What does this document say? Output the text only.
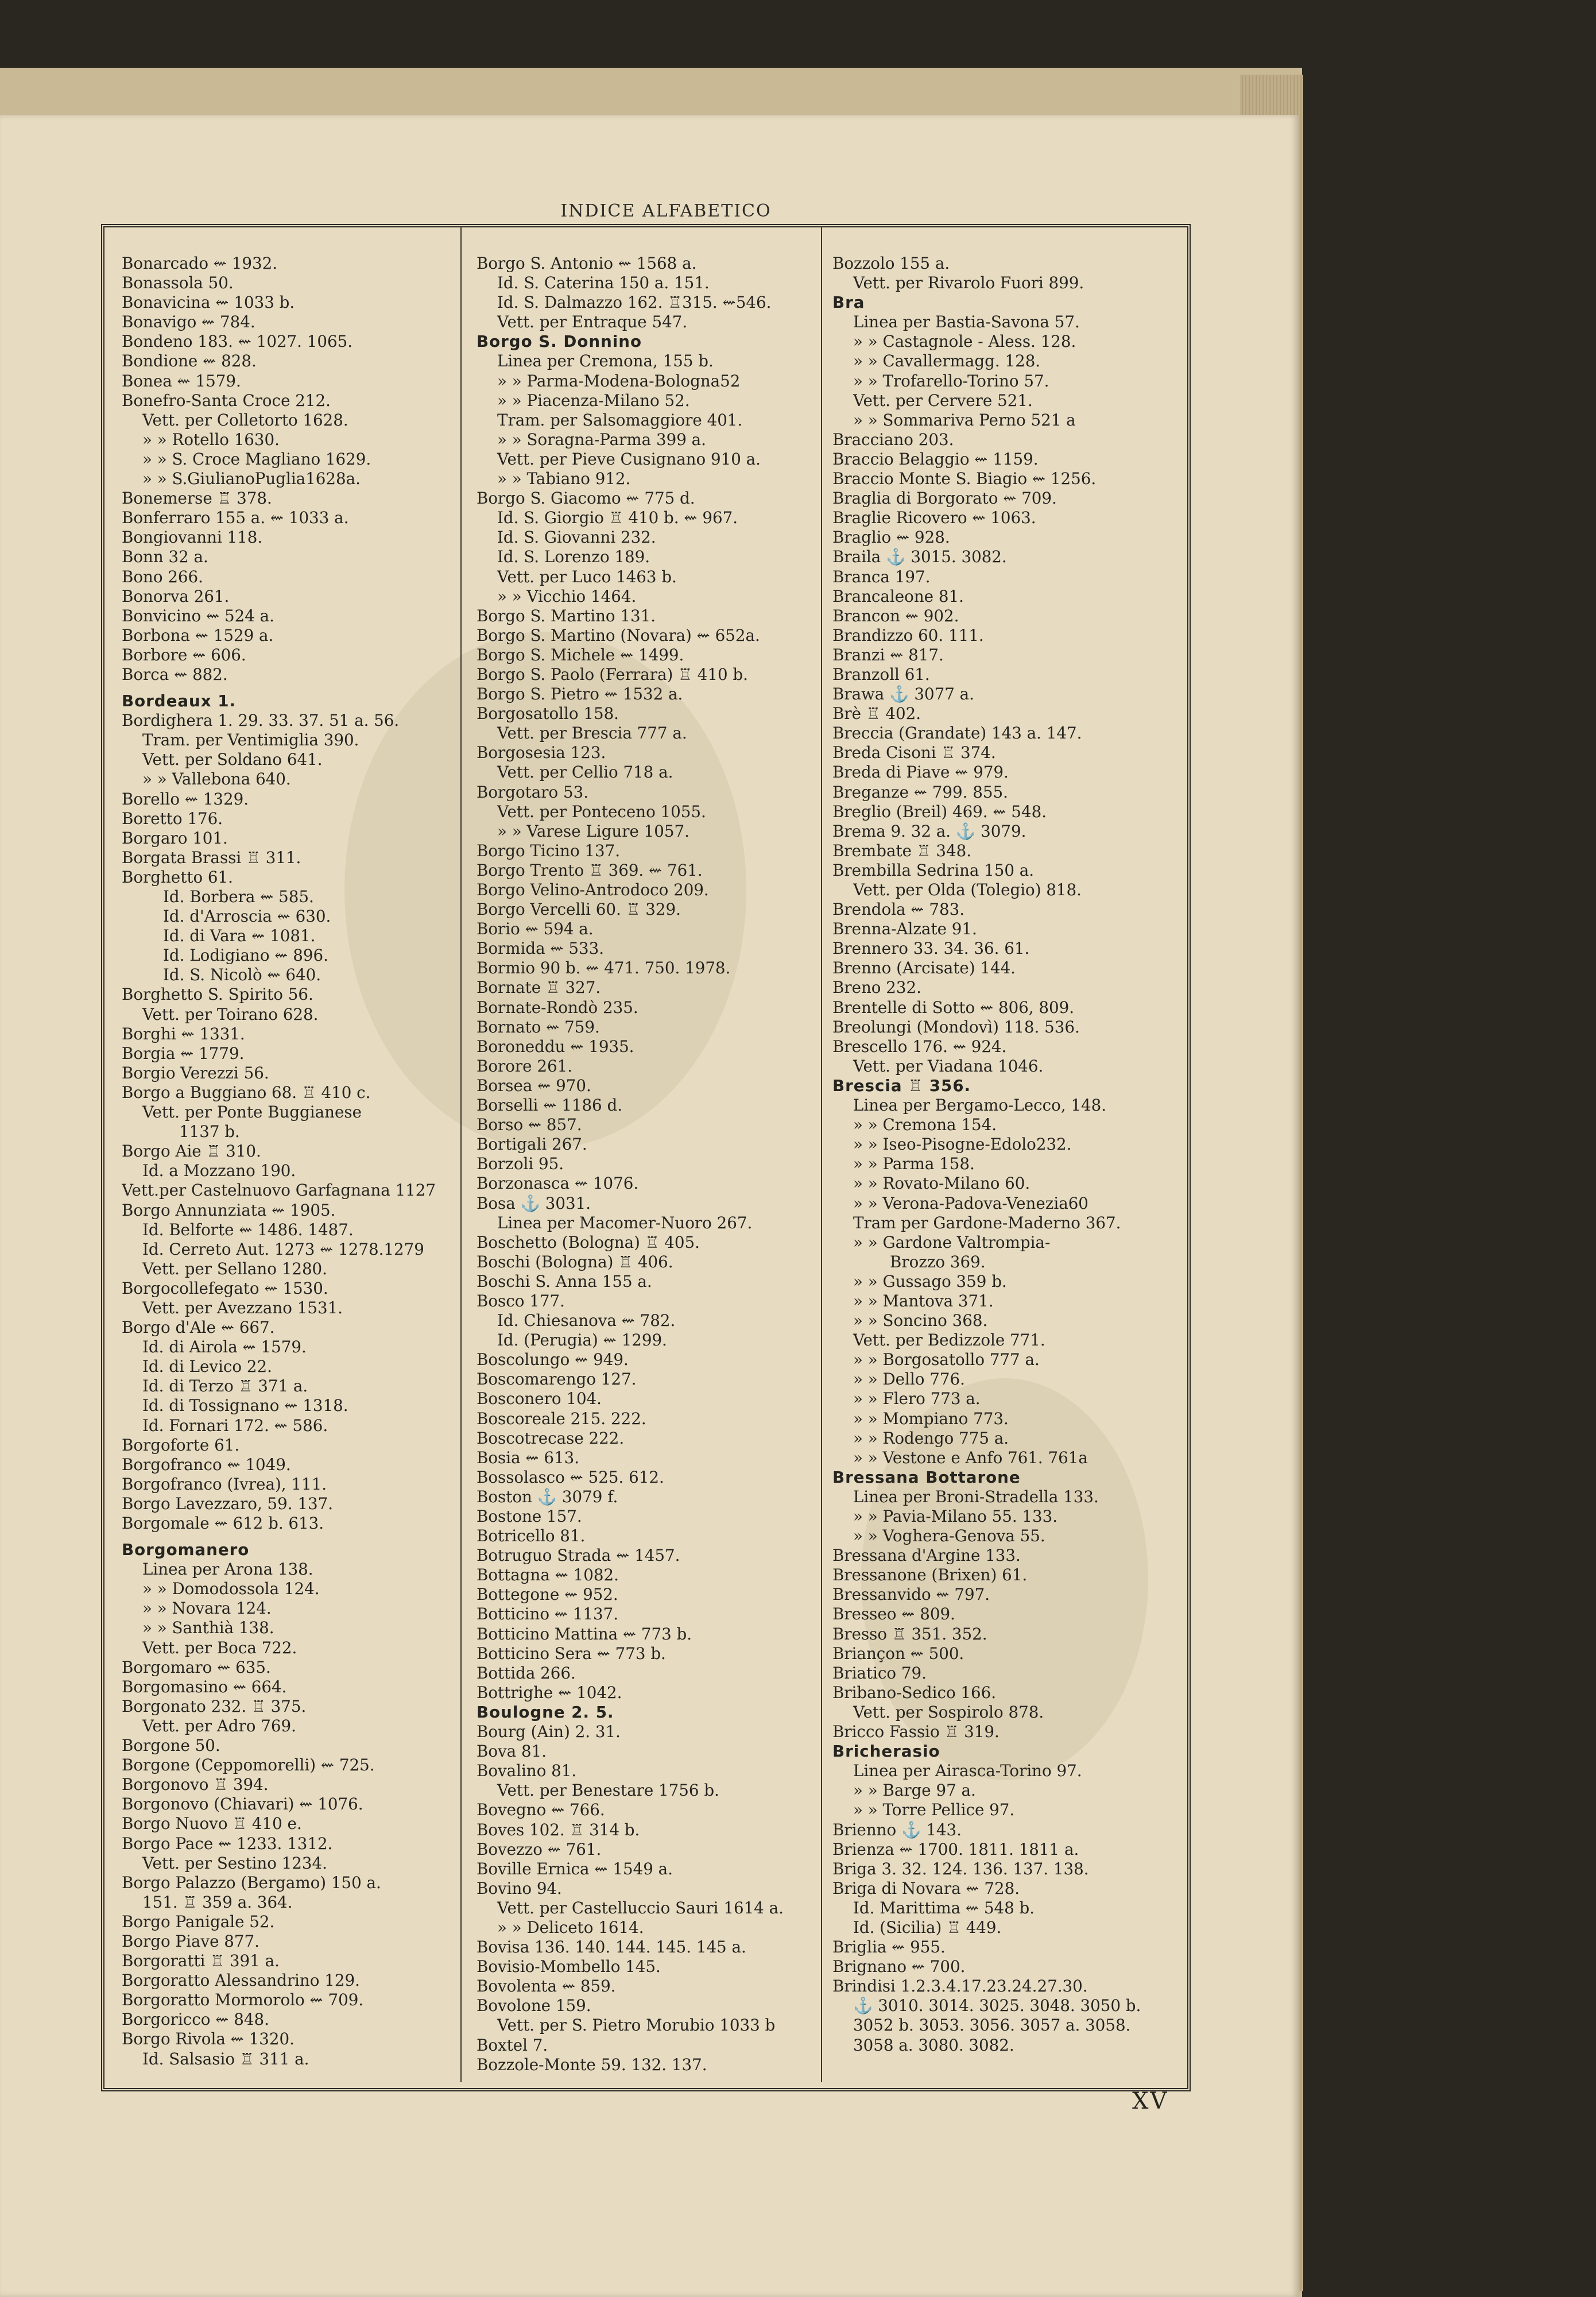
INDICE ALFABETICO
Bonarcado ⇜ 1932.
Bonassola 50.
Bonavicina ⇜ 1033 b.
Bonavigo ⇜ 784.
Bondeno 183. ⇜ 1027. 1065.
Bondione ⇜ 828.
Bonea ⇜ 1579.
Bonefro-Santa Croce 212.
Vett. per Colletorto 1628.
» » Rotello 1630.
» » S. Croce Magliano 1629.
» » S.GiulianoPuglia1628a.
Bonemerse ♖ 378.
Bonferraro 155 a. ⇜ 1033 a.
Bongiovanni 118.
Bonn 32 a.
Bono 266.
Bonorva 261.
Bonvicino ⇜ 524 a.
Borbona ⇜ 1529 a.
Borbore ⇜ 606.
Borca ⇜ 882.
Bordeaux 1.
Bordighera 1. 29. 33. 37. 51 a. 56.
Tram. per Ventimiglia 390.
Vett. per Soldano 641.
» » Vallebona 640.
Borello ⇜ 1329.
Boretto 176.
Borgaro 101.
Borgata Brassi ♖ 311.
Borghetto 61.
Id. Borbera ⇜ 585.
Id. d'Arroscia ⇜ 630.
Id. di Vara ⇜ 1081.
Id. Lodigiano ⇜ 896.
Id. S. Nicolò ⇜ 640.
Borghetto S. Spirito 56.
Vett. per Toirano 628.
Borghi ⇜ 1331.
Borgia ⇜ 1779.
Borgio Verezzi 56.
Borgo a Buggiano 68. ♖ 410 c.
Vett. per Ponte Buggianese
1137 b.
Borgo Aie ♖ 310.
Id. a Mozzano 190.
Vett.per Castelnuovo Garfagnana 1127
Borgo Annunziata ⇜ 1905.
Id. Belforte ⇜ 1486. 1487.
Id. Cerreto Aut. 1273 ⇜ 1278.1279
Vett. per Sellano 1280.
Borgocollefegato ⇜ 1530.
Vett. per Avezzano 1531.
Borgo d'Ale ⇜ 667.
Id. di Airola ⇜ 1579.
Id. di Levico 22.
Id. di Terzo ♖ 371 a.
Id. di Tossignano ⇜ 1318.
Id. Fornari 172. ⇜ 586.
Borgoforte 61.
Borgofranco ⇜ 1049.
Borgofranco (Ivrea), 111.
Borgo Lavezzaro, 59. 137.
Borgomale ⇜ 612 b. 613.
Borgomanero
Linea per Arona 138.
» » Domodossola 124.
» » Novara 124.
» » Santhià 138.
Vett. per Boca 722.
Borgomaro ⇜ 635.
Borgomasino ⇜ 664.
Borgonato 232. ♖ 375.
Vett. per Adro 769.
Borgone 50.
Borgone (Ceppomorelli) ⇜ 725.
Borgonovo ♖ 394.
Borgonovo (Chiavari) ⇜ 1076.
Borgo Nuovo ♖ 410 e.
Borgo Pace ⇜ 1233. 1312.
Vett. per Sestino 1234.
Borgo Palazzo (Bergamo) 150 a.
151. ♖ 359 a. 364.
Borgo Panigale 52.
Borgo Piave 877.
Borgoratti ♖ 391 a.
Borgoratto Alessandrino 129.
Borgoratto Mormorolo ⇜ 709.
Borgoricco ⇜ 848.
Borgo Rivola ⇜ 1320.
Id. Salsasio ♖ 311 a.
Borgo S. Antonio ⇜ 1568 a.
Id. S. Caterina 150 a. 151.
Id. S. Dalmazzo 162. ♖315. ⇜546.
Vett. per Entraque 547.
Borgo S. Donnino
Linea per Cremona, 155 b.
» » Parma-Modena-Bologna52
» » Piacenza-Milano 52.
Tram. per Salsomaggiore 401.
» » Soragna-Parma 399 a.
Vett. per Pieve Cusignano 910 a.
» » Tabiano 912.
Borgo S. Giacomo ⇜ 775 d.
Id. S. Giorgio ♖ 410 b. ⇜ 967.
Id. S. Giovanni 232.
Id. S. Lorenzo 189.
Vett. per Luco 1463 b.
» » Vicchio 1464.
Borgo S. Martino 131.
Borgo S. Martino (Novara) ⇜ 652a.
Borgo S. Michele ⇜ 1499.
Borgo S. Paolo (Ferrara) ♖ 410 b.
Borgo S. Pietro ⇜ 1532 a.
Borgosatollo 158.
Vett. per Brescia 777 a.
Borgosesia 123.
Vett. per Cellio 718 a.
Borgotaro 53.
Vett. per Ponteceno 1055.
» » Varese Ligure 1057.
Borgo Ticino 137.
Borgo Trento ♖ 369. ⇜ 761.
Borgo Velino-Antrodoco 209.
Borgo Vercelli 60. ♖ 329.
Borio ⇜ 594 a.
Bormida ⇜ 533.
Bormio 90 b. ⇜ 471. 750. 1978.
Bornate ♖ 327.
Bornate-Rondò 235.
Bornato ⇜ 759.
Boroneddu ⇜ 1935.
Borore 261.
Borsea ⇜ 970.
Borselli ⇜ 1186 d.
Borso ⇜ 857.
Bortigali 267.
Borzoli 95.
Borzonasca ⇜ 1076.
Bosa ⚓ 3031.
Linea per Macomer-Nuoro 267.
Boschetto (Bologna) ♖ 405.
Boschi (Bologna) ♖ 406.
Boschi S. Anna 155 a.
Bosco 177.
Id. Chiesanova ⇜ 782.
Id. (Perugia) ⇜ 1299.
Boscolungo ⇜ 949.
Boscomarengo 127.
Bosconero 104.
Boscoreale 215. 222.
Boscotrecase 222.
Bosia ⇜ 613.
Bossolasco ⇜ 525. 612.
Boston ⚓ 3079 f.
Bostone 157.
Botricello 81.
Botruguo Strada ⇜ 1457.
Bottagna ⇜ 1082.
Bottegone ⇜ 952.
Botticino ⇜ 1137.
Botticino Mattina ⇜ 773 b.
Botticino Sera ⇜ 773 b.
Bottida 266.
Bottrighe ⇜ 1042.
Boulogne 2. 5.
Bourg (Ain) 2. 31.
Bova 81.
Bovalino 81.
Vett. per Benestare 1756 b.
Bovegno ⇜ 766.
Boves 102. ♖ 314 b.
Bovezzo ⇜ 761.
Boville Ernica ⇜ 1549 a.
Bovino 94.
Vett. per Castelluccio Sauri 1614 a.
» » Deliceto 1614.
Bovisa 136. 140. 144. 145. 145 a.
Bovisio-Mombello 145.
Bovolenta ⇜ 859.
Bovolone 159.
Vett. per S. Pietro Morubio 1033 b
Boxtel 7.
Bozzole-Monte 59. 132. 137.
Bozzolo 155 a.
Vett. per Rivarolo Fuori 899.
Bra
Linea per Bastia-Savona 57.
» » Castagnole - Aless. 128.
» » Cavallermagg. 128.
» » Trofarello-Torino 57.
Vett. per Cervere 521.
» » Sommariva Perno 521 a
Bracciano 203.
Braccio Belaggio ⇜ 1159.
Braccio Monte S. Biagio ⇜ 1256.
Braglia di Borgorato ⇜ 709.
Braglie Ricovero ⇜ 1063.
Braglio ⇜ 928.
Braila ⚓ 3015. 3082.
Branca 197.
Brancaleone 81.
Brancon ⇜ 902.
Brandizzo 60. 111.
Branzi ⇜ 817.
Branzoll 61.
Brawa ⚓ 3077 a.
Brè ♖ 402.
Breccia (Grandate) 143 a. 147.
Breda Cisoni ♖ 374.
Breda di Piave ⇜ 979.
Breganze ⇜ 799. 855.
Breglio (Breil) 469. ⇜ 548.
Brema 9. 32 a. ⚓ 3079.
Brembate ♖ 348.
Brembilla Sedrina 150 a.
Vett. per Olda (Tolegio) 818.
Brendola ⇜ 783.
Brenna-Alzate 91.
Brennero 33. 34. 36. 61.
Brenno (Arcisate) 144.
Breno 232.
Brentelle di Sotto ⇜ 806, 809.
Breolungi (Mondovì) 118. 536.
Brescello 176. ⇜ 924.
Vett. per Viadana 1046.
Brescia ♖ 356.
Linea per Bergamo-Lecco, 148.
» » Cremona 154.
» » Iseo-Pisogne-Edolo232.
» » Parma 158.
» » Rovato-Milano 60.
» » Verona-Padova-Venezia60
Tram per Gardone-Maderno 367.
» » Gardone Valtrompia-
Brozzo 369.
» » Gussago 359 b.
» » Mantova 371.
» » Soncino 368.
Vett. per Bedizzole 771.
» » Borgosatollo 777 a.
» » Dello 776.
» » Flero 773 a.
» » Mompiano 773.
» » Rodengo 775 a.
» » Vestone e Anfo 761. 761a
Bressana Bottarone
Linea per Broni-Stradella 133.
» » Pavia-Milano 55. 133.
» » Voghera-Genova 55.
Bressana d'Argine 133.
Bressanone (Brixen) 61.
Bressanvido ⇜ 797.
Bresseo ⇜ 809.
Bresso ♖ 351. 352.
Briançon ⇜ 500.
Briatico 79.
Bribano-Sedico 166.
Vett. per Sospirolo 878.
Bricco Fassio ♖ 319.
Bricherasio
Linea per Airasca-Torino 97.
» » Barge 97 a.
» » Torre Pellice 97.
Brienno ⚓ 143.
Brienza ⇜ 1700. 1811. 1811 a.
Briga 3. 32. 124. 136. 137. 138.
Briga di Novara ⇜ 728.
Id. Marittima ⇜ 548 b.
Id. (Sicilia) ♖ 449.
Briglia ⇜ 955.
Brignano ⇜ 700.
Brindisi 1.2.3.4.17.23.24.27.30.
⚓ 3010. 3014. 3025. 3048. 3050 b.
3052 b. 3053. 3056. 3057 a. 3058.
3058 a. 3080. 3082.
XV
